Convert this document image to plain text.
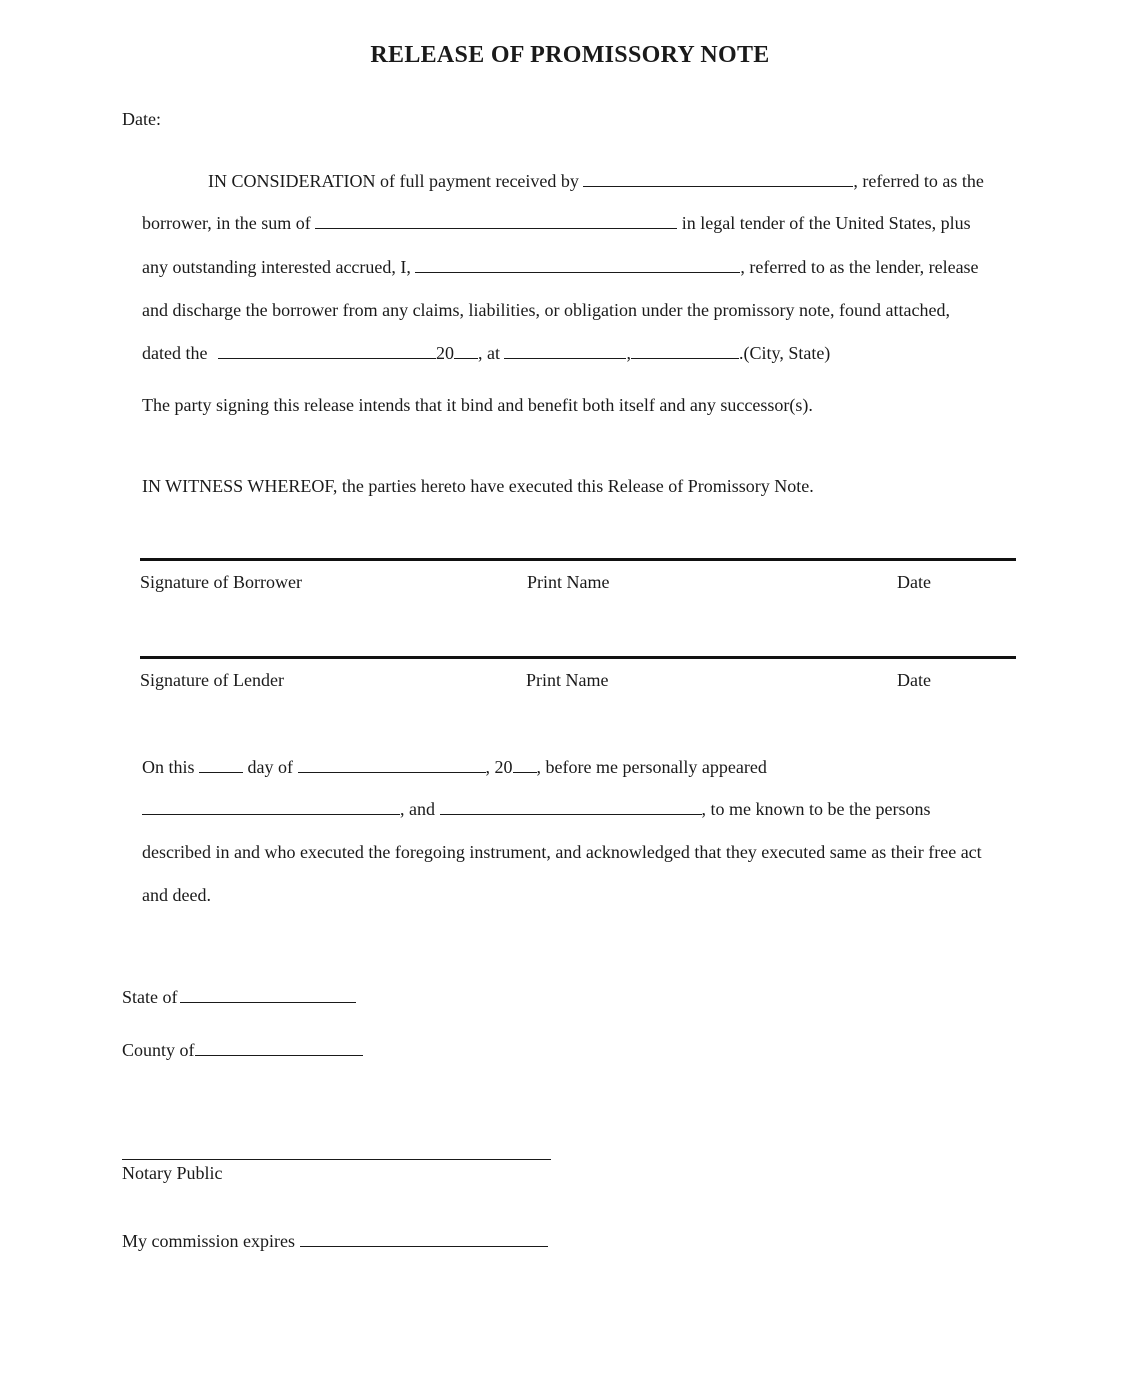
RELEASE OF PROMISSORY NOTE
Date:
IN CONSIDERATION of full payment received by	, referred to as the
borrower, in the sum of	in legal tender of the United States, plus
any outstanding interested accrued, I,	, referred to as the lender, release
and discharge the borrower from any claims, liabilities, or obligation under the promissory note, found attached,
dated the	20 , at	,	.(City, State)
The party signing this release intends that it bind and benefit both itself and any successor(s).
IN WITNESS WHEREOF, the parties hereto have executed this Release of Promissory Note.
Signature of Borrower	Print Name	Date
Signature of Lender	Print Name	Date
On this	day of	, 20 , before me personally appeared
, and	, to me known to be the persons
described in and who executed the foregoing instrument, and acknowledged that they executed same as their free act
and deed.
State of
County of
Notary Public
My commission expires
